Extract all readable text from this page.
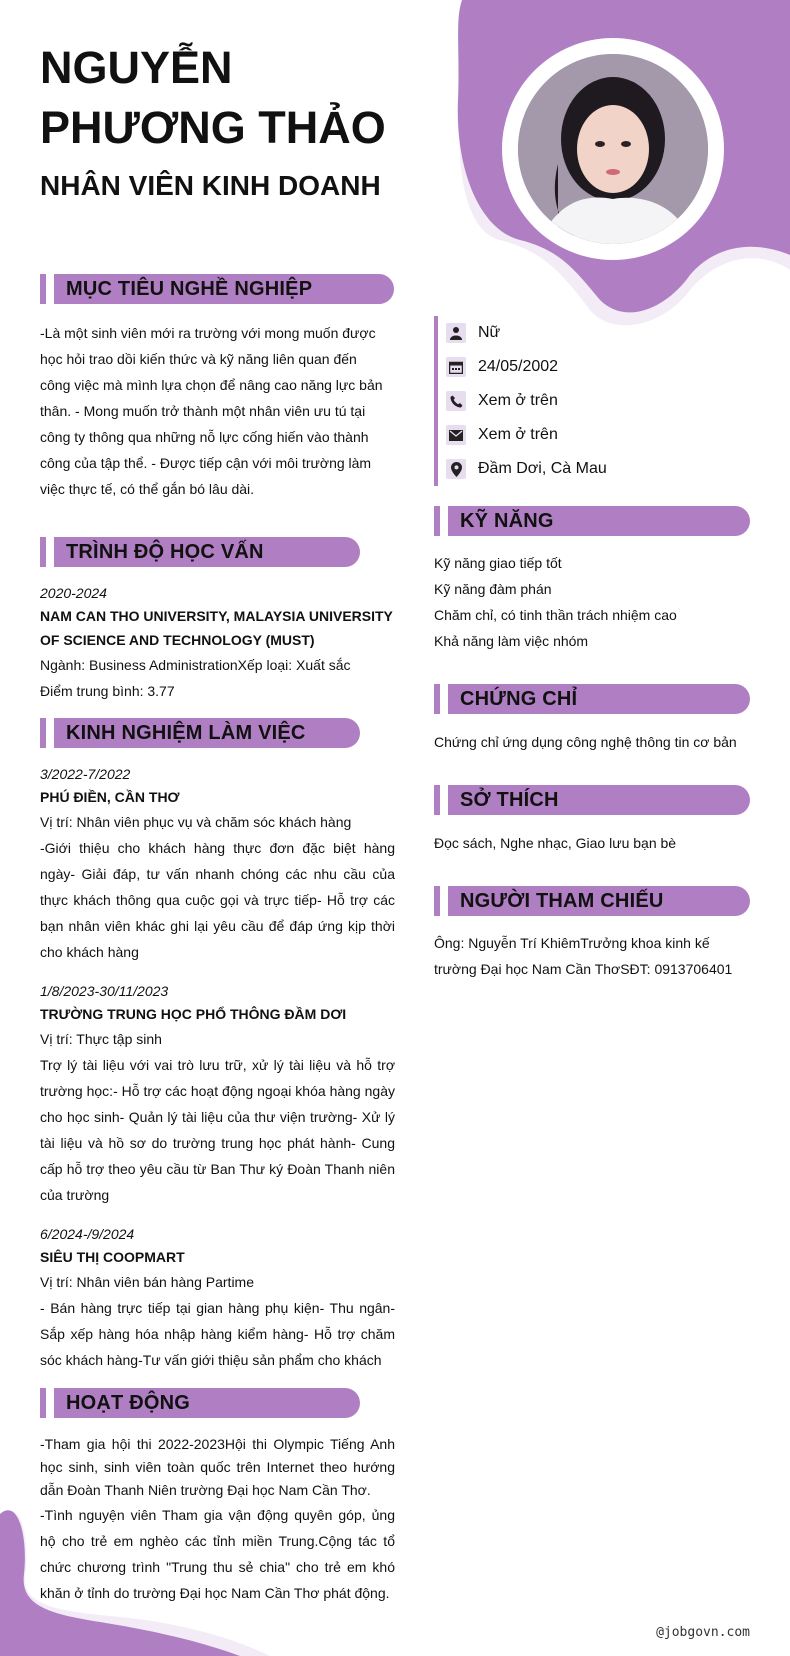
NGUYỄN
PHƯƠNG THẢO
NHÂN VIÊN KINH DOANH
MỤC TIÊU NGHỀ NGHIỆP
-Là một sinh viên mới ra trường với mong muốn được học hỏi trao dồi kiến thức và kỹ năng liên quan đến công việc mà mình lựa chọn để nâng cao năng lực bản thân. - Mong muốn trở thành một nhân viên ưu tú tại công ty thông qua những nỗ lực cống hiến vào thành công của tập thể. - Được tiếp cận với môi trường làm việc thực tế, có thể gắn bó lâu dài.
TRÌNH ĐỘ HỌC VẤN
2020-2024
NAM CAN THO UNIVERSITY, MALAYSIA UNIVERSITY OF SCIENCE AND TECHNOLOGY (MUST)
Ngành: Business AdministrationXếp loại: Xuất sắc
Điểm trung bình: 3.77
KINH NGHIỆM LÀM VIỆC
3/2022-7/2022
PHÚ ĐIỀN, CẦN THƠ
Vị trí: Nhân viên phục vụ và chăm sóc khách hàng
-Giới thiệu cho khách hàng thực đơn đặc biệt hàng ngày- Giải đáp, tư vấn nhanh chóng các nhu cầu của thực khách thông qua cuộc gọi và trực tiếp- Hỗ trợ các bạn nhân viên khác ghi lại yêu cầu để đáp ứng kịp thời cho khách hàng
1/8/2023-30/11/2023
TRƯỜNG TRUNG HỌC PHỔ THÔNG ĐẦM DƠI
Vị trí: Thực tập sinh
Trợ lý tài liệu với vai trò lưu trữ, xử lý tài liệu và hỗ trợ trường học:- Hỗ trợ các hoạt động ngoại khóa hàng ngày cho học sinh- Quản lý tài liệu của thư viện trường- Xử lý tài liệu và hồ sơ do trường trung học phát hành- Cung cấp hỗ trợ theo yêu cầu từ Ban Thư ký Đoàn Thanh niên của trường
6/2024-/9/2024
SIÊU THỊ COOPMART
Vị trí: Nhân viên bán hàng Partime
- Bán hàng trực tiếp tại gian hàng phụ kiện- Thu ngân- Sắp xếp hàng hóa nhập hàng kiểm hàng- Hỗ trợ chăm sóc khách hàng-Tư vấn giới thiệu sản phẩm cho khách
HOẠT ĐỘNG
-Tham gia hội thi 2022-2023Hội thi Olympic Tiếng Anh học sinh, sinh viên toàn quốc trên Internet theo hướng dẫn Đoàn Thanh Niên trường Đại học Nam Cần Thơ.
-Tình nguyện viên Tham gia vận động quyên góp, ủng hộ cho trẻ em nghèo các tỉnh miền Trung.Cộng tác tổ chức chương trình "Trung thu sẻ chia" cho trẻ em khó khăn ở tỉnh do trường Đại học Nam Cần Thơ phát động.
Nữ
24/05/2002
Xem ở trên
Xem ở trên
Đầm Dơi, Cà Mau
KỸ NĂNG
Kỹ năng giao tiếp tốt
Kỹ năng đàm phán
Chăm chỉ, có tinh thần trách nhiệm cao
Khả năng làm việc nhóm
CHỨNG CHỈ
Chứng chỉ ứng dụng công nghệ thông tin cơ bản
SỞ THÍCH
Đọc sách, Nghe nhạc, Giao lưu bạn bè
NGƯỜI THAM CHIẾU
Ông: Nguyễn Trí KhiêmTrưởng khoa kinh kế trường Đại học Nam Cần ThơSĐT: 0913706401
@jobgovn.com
